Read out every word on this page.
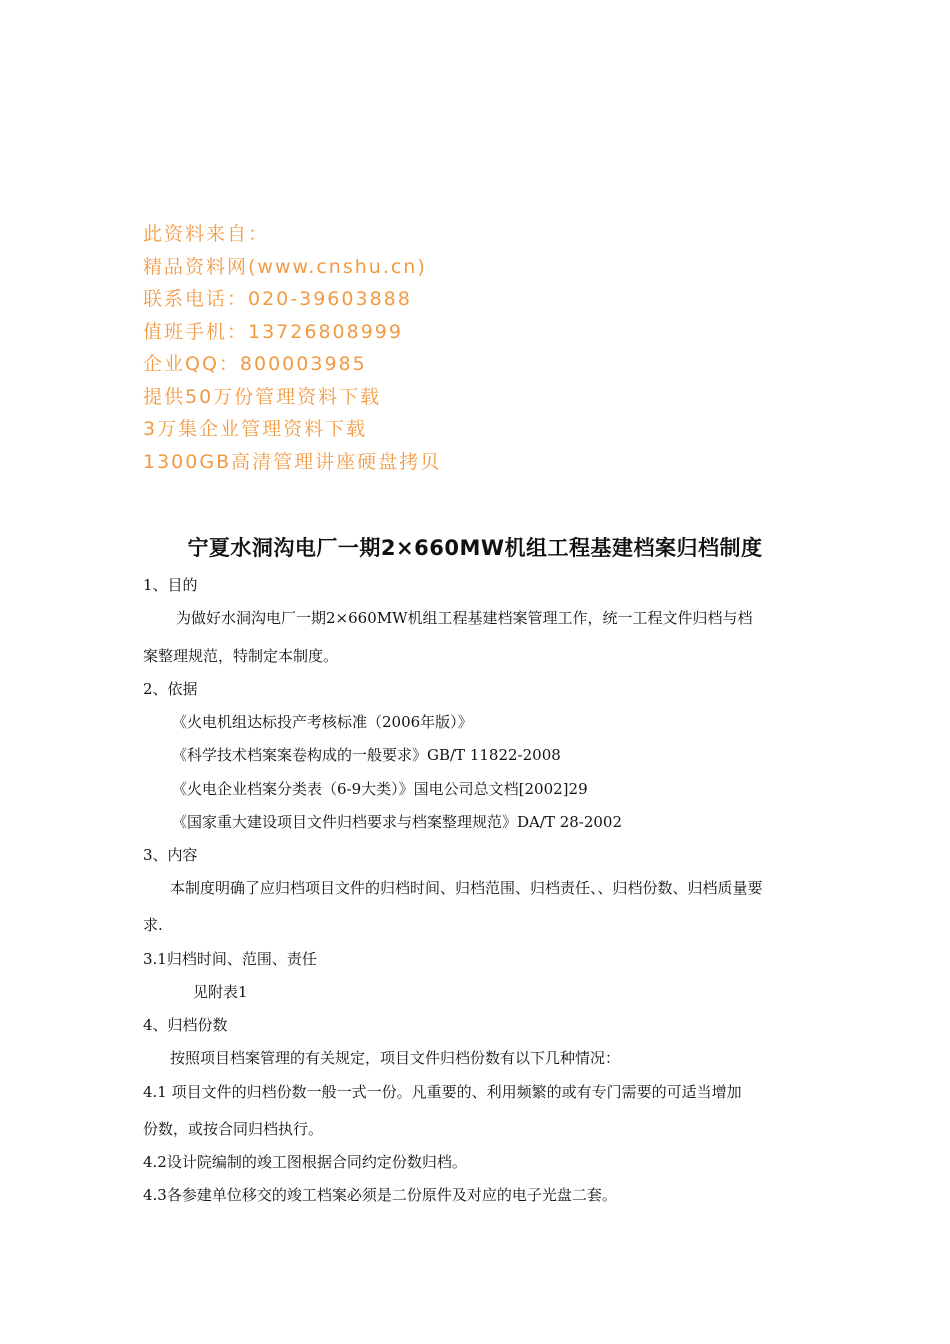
此资料来自：
精品资料网(www.cnshu.cn)
联系电话：020-39603888
值班手机：13726808999
企业QQ：800003985
提供50万份管理资料下载
3万集企业管理资料下载
1300GB高清管理讲座硬盘拷贝
宁夏水洞沟电厂一期2×660MW机组工程基建档案归档制度
1、目的
为做好水洞沟电厂一期2×660MW机组工程基建档案管理工作，统一工程文件归档与档
案整理规范，特制定本制度。
2、依据
《火电机组达标投产考核标准（2006年版）》
《科学技术档案案卷构成的一般要求》GB/T 11822-2008
《火电企业档案分类表（6-9大类）》国电公司总文档[2002]29
《国家重大建设项目文件归档要求与档案整理规范》DA/T 28-2002
3、内容
本制度明确了应归档项目文件的归档时间、归档范围、归档责任、、归档份数、归档质量要
求.
3.1归档时间、范围、责任
见附表1
4、归档份数
按照项目档案管理的有关规定，项目文件归档份数有以下几种情况：
4.1 项目文件的归档份数一般一式一份。凡重要的、利用频繁的或有专门需要的可适当增加
份数，或按合同归档执行。
4.2设计院编制的竣工图根据合同约定份数归档。
4.3各参建单位移交的竣工档案必须是二份原件及对应的电子光盘二套。
